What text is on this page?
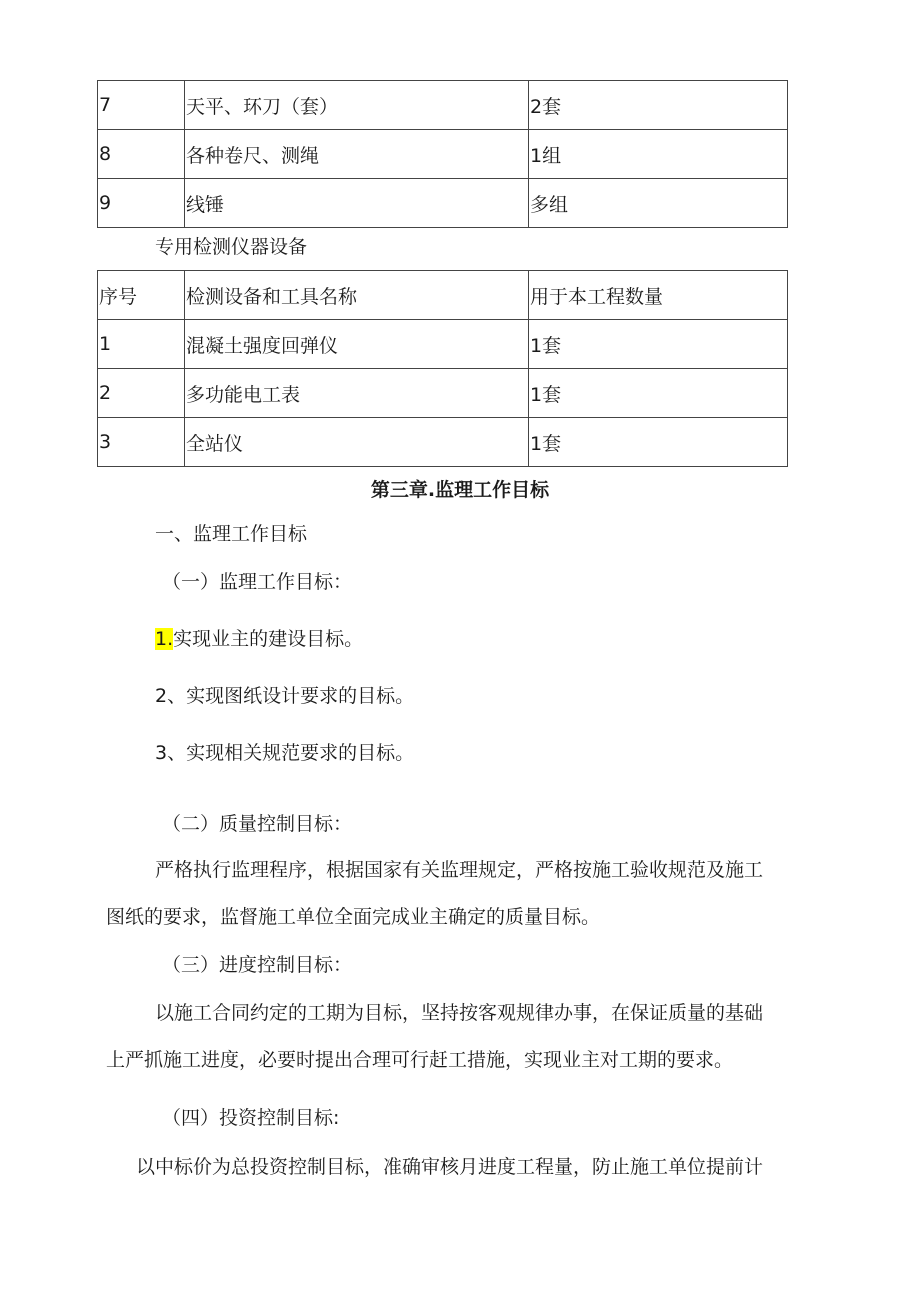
7	天平、环刀（套）	2套
8	各种卷尺、测绳	1组
9	线锤	多组
专用检测仪器设备
序号	检测设备和工具名称	用于本工程数量
1	混凝土强度回弹仪	1套
2	多功能电工表	1套
3	全站仪	1套
第三章.监理工作目标
一、监理工作目标
（一）监理工作目标：
1.实现业主的建设目标。
2、实现图纸设计要求的目标。
3、实现相关规范要求的目标。
（二）质量控制目标：
严格执行监理程序，根据国家有关监理规定，严格按施工验收规范及施工
图纸的要求，监督施工单位全面完成业主确定的质量目标。
（三）进度控制目标：
以施工合同约定的工期为目标，坚持按客观规律办事，在保证质量的基础
上严抓施工进度，必要时提出合理可行赶工措施，实现业主对工期的要求。
（四）投资控制目标:
以中标价为总投资控制目标，准确审核月进度工程量，防止施工单位提前计
